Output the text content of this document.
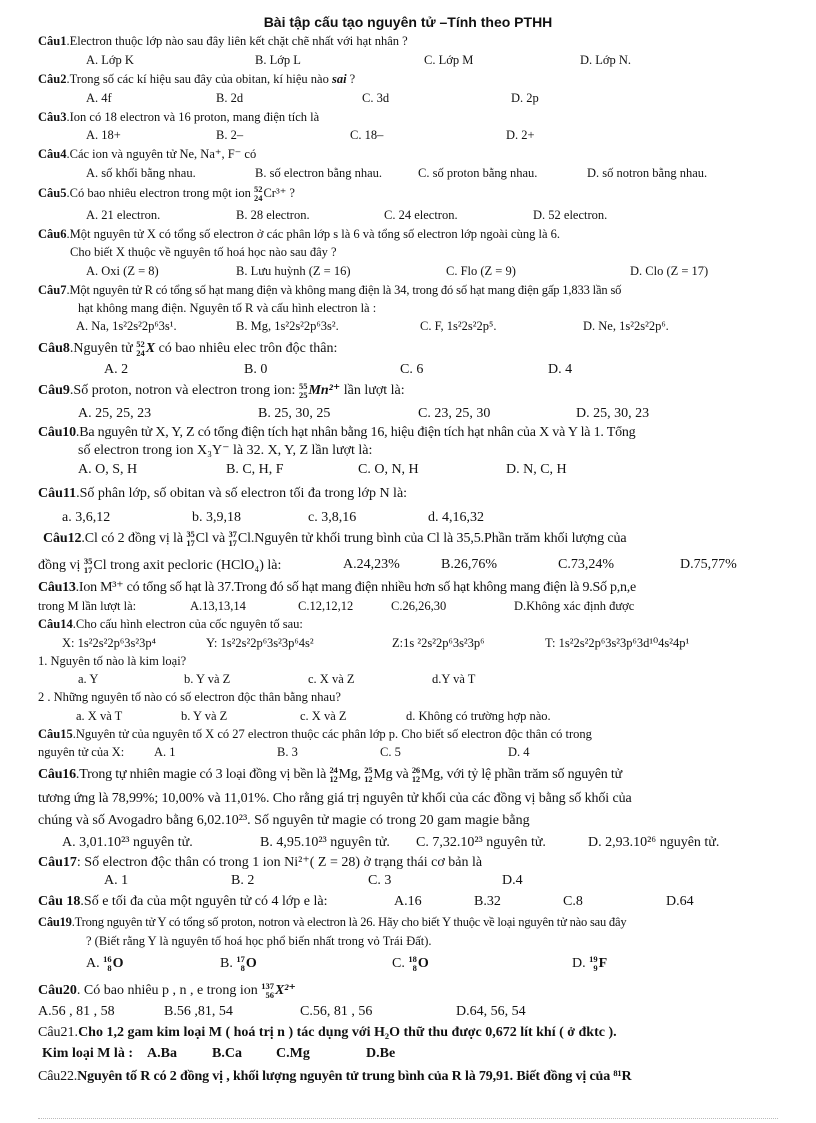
Bài tập cấu tạo nguyên tử –Tính theo PTHH
Câu1.Electron thuộc lớp nào sau đây liên kết chặt chẽ nhất với hạt nhân ?
A. Lớp K	B. Lớp L	C. Lớp M	D. Lớp N.
Câu2.Trong số các kí hiệu sau đây của obitan, kí hiệu nào sai ?
A. 4f	B. 2d	C. 3d	D. 2p
Câu3.Ion có 18 electron và 16 proton, mang điện tích là
A. 18+	B. 2–	C. 18–	D. 2+
Câu4.Các ion và nguyên tử Ne, Na⁺, F⁻ có
A. số khối bằng nhau.	B. số electron bằng nhau.	C. số proton bằng nhau.	D. số notron bằng nhau.
Câu5.Có bao nhiêu electron trong một ion 52
24 Cr³⁺ ?
A. 21 electron.	B. 28 electron.	C. 24 electron.	D. 52 electron.
Câu6.Một nguyên tử X có tổng số electron ở các phân lớp s là 6 và tổng số electron lớp ngoài cùng là 6.
Cho biết X thuộc về nguyên tố hoá học nào sau đây ?
A. Oxi (Z = 8)	B. Lưu huỳnh (Z = 16)	C. Flo (Z = 9)	D. Clo (Z = 17)
Câu7.Một nguyên tử R có tổng số hạt mang điện và không mang điện là 34, trong đó số hạt mang điện gấp 1,833 lần số
hạt không mang điện. Nguyên tố R và cấu hình electron là :
A. Na, 1s²2s²2p⁶3s¹.	B. Mg, 1s²2s²2p⁶3s².	C. F, 1s²2s²2p⁵.	D. Ne, 1s²2s²2p⁶.
Câu8.Nguyên tử 52
24 X có bao nhiêu elec trôn độc thân:
A. 2	B. 0	C. 6	D. 4
Câu9.Số proton, notron và electron trong ion: 55
25 Mn²⁺ lần lượt là:
A. 25, 25, 23	B. 25, 30, 25	C. 23, 25, 30	D. 25, 30, 23
Câu10.Ba nguyên tử X, Y, Z có tổng điện tích hạt nhân bằng 16, hiệu điện tích hạt nhân của X và Y là 1. Tổng
số electron trong ion X₃Y⁻ là 32. X, Y, Z lần lượt là:
A. O, S, H	B. C, H, F	C. O, N, H	D. N, C, H
Câu11.Số phân lớp, số obitan và số electron tối đa trong lớp N là:
a. 3,6,12	b. 3,9,18	c. 3,8,16	d. 4,16,32
Câu12.Cl có 2 đồng vị là 35
17 Cl và 37
17 Cl.Nguyên tử khối trung bình của Cl là 35,5.Phần trăm khối lượng của
đồng vị 35
17 Cl trong axit pecloric (HClO₄) là:	A.24,23%	B.26,76%	C.73,24%	D.75,77%
Câu13.Ion M³⁺ có tổng số hạt là 37.Trong đó số hạt mang điện nhiều hơn số hạt không mang điện là 9.Số p,n,e
trong M lần lượt là:	A.13,13,14	C.12,12,12	C.26,26,30	D.Không xác định được
Câu14.Cho cấu hình electron của cốc nguyên tố sau:
X: 1s²2s²2p⁶3s²3p⁴	Y: 1s²2s²2p⁶3s²3p⁶4s²	Z:1s ²2s²2p⁶3s²3p⁶	T: 1s²2s²2p⁶3s²3p⁶3d¹⁰4s²4p¹
1. Nguyên tố nào là kim loại?
a. Y	b. Y và Z	c. X và Z	d.Y và T
2 . Những nguyên tố nào có số electron độc thân bằng nhau?
a. X và T	b. Y và Z	c. X và Z	d. Không có trường hợp nào.
Câu15.Nguyên tử của nguyên tố X có 27 electron thuộc các phân lớp p. Cho biết số electron độc thân có trong
nguyên tử của X:	A. 1	B. 3	C. 5	D. 4
Câu16.Trong tự nhiên magie có 3 loại đồng vị bền là 24
12 Mg, 25
12 Mg và 26
12 Mg, với tỷ lệ phần trăm số nguyên tử
tương ứng là 78,99%; 10,00% và 11,01%. Cho rằng giá trị nguyên tử khối của các đồng vị bằng số khối của
chúng và số Avogadro bằng 6,02.10²³. Số nguyên tử magie có trong 20 gam magie bằng
A. 3,01.10²³ nguyên tử.	B. 4,95.10²³ nguyên tử. C. 7,32.10²³ nguyên tử.	D. 2,93.10²⁶ nguyên tử.
Câu17: Số electron độc thân có trong 1 ion Ni²⁺( Z = 28) ở trạng thái cơ bản là
A. 1	B. 2	C. 3	D.4
Câu 18.Số e tối đa của một nguyên tử có 4 lớp e là:	A.16	B.32	C.8	D.64
Câu19.Trong nguyên tử Y có tổng số proton, notron và electron là 26. Hãy cho biết Y thuộc về loại nguyên tử nào sau đây
? (Biết rằng Y là nguyên tố hoá học phổ biến nhất trong vỏ Trái Đất).
A. 16
8 O	B. 17
8 O	C. 18
8 O	D. 19
9 F
Câu20. Có bao nhiêu p , n , e trong ion 137
56 X²⁺
A.56 , 81 , 58	B.56 ,81, 54	C.56, 81 , 56	D.64, 56, 54
Câu21.Cho 1,2 gam kim loại M ( hoá trị n ) tác dụng với H₂O thữ thu được 0,672 lít khí ( ở đktc ).
Kim loại M là :	A.Ba	B.Ca C.Mg	D.Be
Câu22.Nguyên tố R có 2 đồng vị , khối lượng nguyên tử trung bình của R là 79,91. Biết đồng vị của ⁸¹R
